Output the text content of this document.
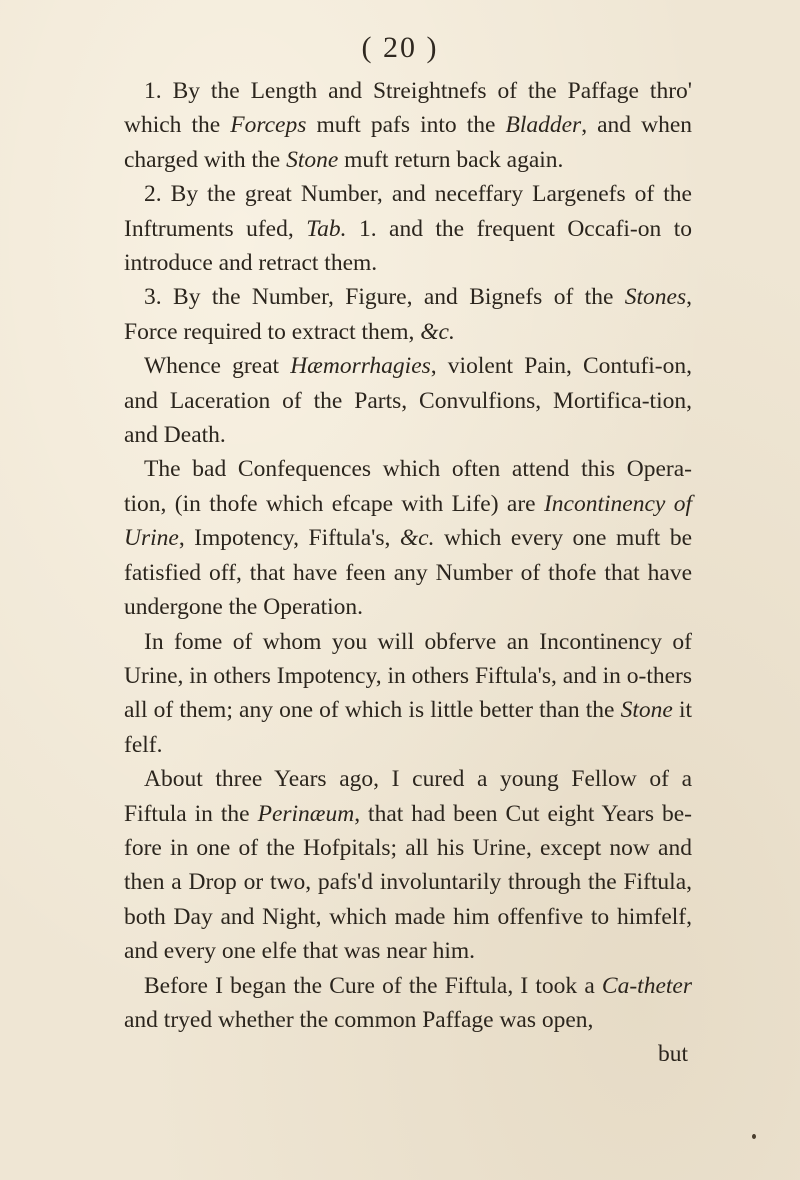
( 20 )

1. By the Length and Streightnefs of the Paffage thro' which the Forceps muft pafs into the Bladder, and when charged with the Stone muft return back again.

2. By the great Number, and neceffary Largenefs of the Inftruments ufed, Tab. 1. and the frequent Occafi-on to introduce and retract them.

3. By the Number, Figure, and Bignefs of the Stones, Force required to extract them, &c.

Whence great Hæmorrhagies, violent Pain, Contufi-on, and Laceration of the Parts, Convulfions, Mortifica-tion, and Death.

The bad Confequences which often attend this Opera-tion, (in thofe which efcape with Life) are Incontinency of Urine, Impotency, Fiftula's, &c. which every one muft be fatisfied off, that have feen any Number of thofe that have undergone the Operation.

In fome of whom you will obferve an Incontinency of Urine, in others Impotency, in others Fiftula's, and in o-thers all of them; any one of which is little better than the Stone it felf.

About three Years ago, I cured a young Fellow of a Fiftula in the Perinæum, that had been Cut eight Years be-fore in one of the Hofpitals; all his Urine, except now and then a Drop or two, pafs'd involuntarily through the Fiftula, both Day and Night, which made him offenfive to himfelf, and every one elfe that was near him.

Before I began the Cure of the Fiftula, I took a Ca-theter and tryed whether the common Paffage was open,

but
